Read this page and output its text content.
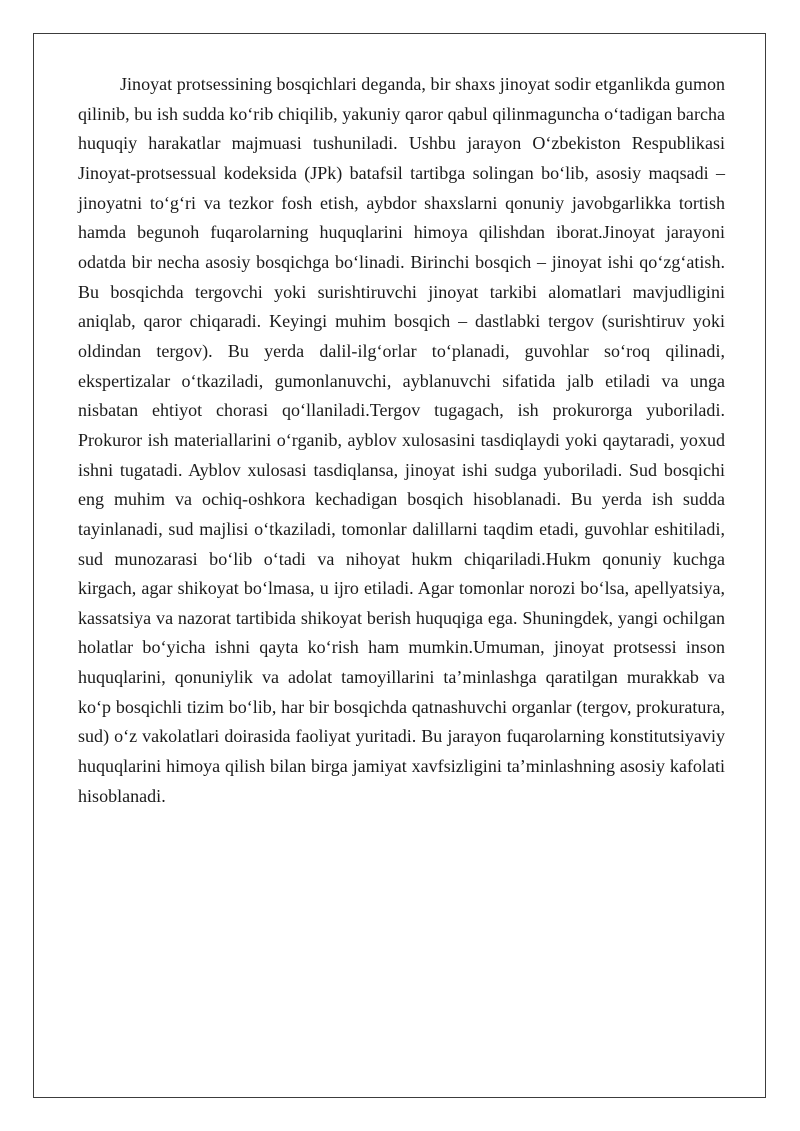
Jinoyat protsessining bosqichlari deganda, bir shaxs jinoyat sodir etganlikda gumon qilinib, bu ish sudda koʻrib chiqilib, yakuniy qaror qabul qilinmaguncha oʻtadigan barcha huquqiy harakatlar majmuasi tushuniladi. Ushbu jarayon Oʻzbekiston Respublikasi Jinoyat-protsessual kodeksida (JPk) batafsil tartibga solingan boʻlib, asosiy maqsadi – jinoyatni toʻgʻri va tezkor fosh etish, aybdor shaxslarni qonuniy javobgarlikka tortish hamda begunoh fuqarolarning huquqlarini himoya qilishdan iborat.Jinoyat jarayoni odatda bir necha asosiy bosqichga boʻlinadi. Birinchi bosqich – jinoyat ishi qoʻzgʻatish. Bu bosqichda tergovchi yoki surishtiruvchi jinoyat tarkibi alomatlari mavjudligini aniqlab, qaror chiqaradi. Keyingi muhim bosqich – dastlabki tergov (surishtiruv yoki oldindan tergov). Bu yerda dalil-ilgʻorlar toʻplanadi, guvohlar soʻroq qilinadi, ekspertizalar oʻtkaziladi, gumonlanuvchi, ayblanuvchi sifatida jalb etiladi va unga nisbatan ehtiyot chorasi qoʻllaniladi.Tergov tugagach, ish prokurorga yuboriladi. Prokuror ish materiallarini oʻrganib, ayblov xulosasini tasdiqlaydi yoki qaytaradi, yoxud ishni tugatadi. Ayblov xulosasi tasdiqlansa, jinoyat ishi sudga yuboriladi. Sud bosqichi eng muhim va ochiq-oshkora kechadigan bosqich hisoblanadi. Bu yerda ish sudda tayinlanadi, sud majlisi oʻtkaziladi, tomonlar dalillarni taqdim etadi, guvohlar eshitiladi, sud munozarasi boʻlib oʻtadi va nihoyat hukm chiqariladi.Hukm qonuniy kuchga kirgach, agar shikoyat boʻlmasa, u ijro etiladi. Agar tomonlar norozi boʻlsa, apellyatsiya, kassatsiya va nazorat tartibida shikoyat berish huquqiga ega. Shuningdek, yangi ochilgan holatlar boʻyicha ishni qayta koʻrish ham mumkin.Umuman, jinoyat protsessi inson huquqlarini, qonuniylik va adolat tamoyillarini ta’minlashga qaratilgan murakkab va koʻp bosqichli tizim boʻlib, har bir bosqichda qatnashuvchi organlar (tergov, prokuratura, sud) oʻz vakolatlari doirasida faoliyat yuritadi. Bu jarayon fuqarolarning konstitutsiyaviy huquqlarini himoya qilish bilan birga jamiyat xavfsizligini ta’minlashning asosiy kafolati hisoblanadi.
